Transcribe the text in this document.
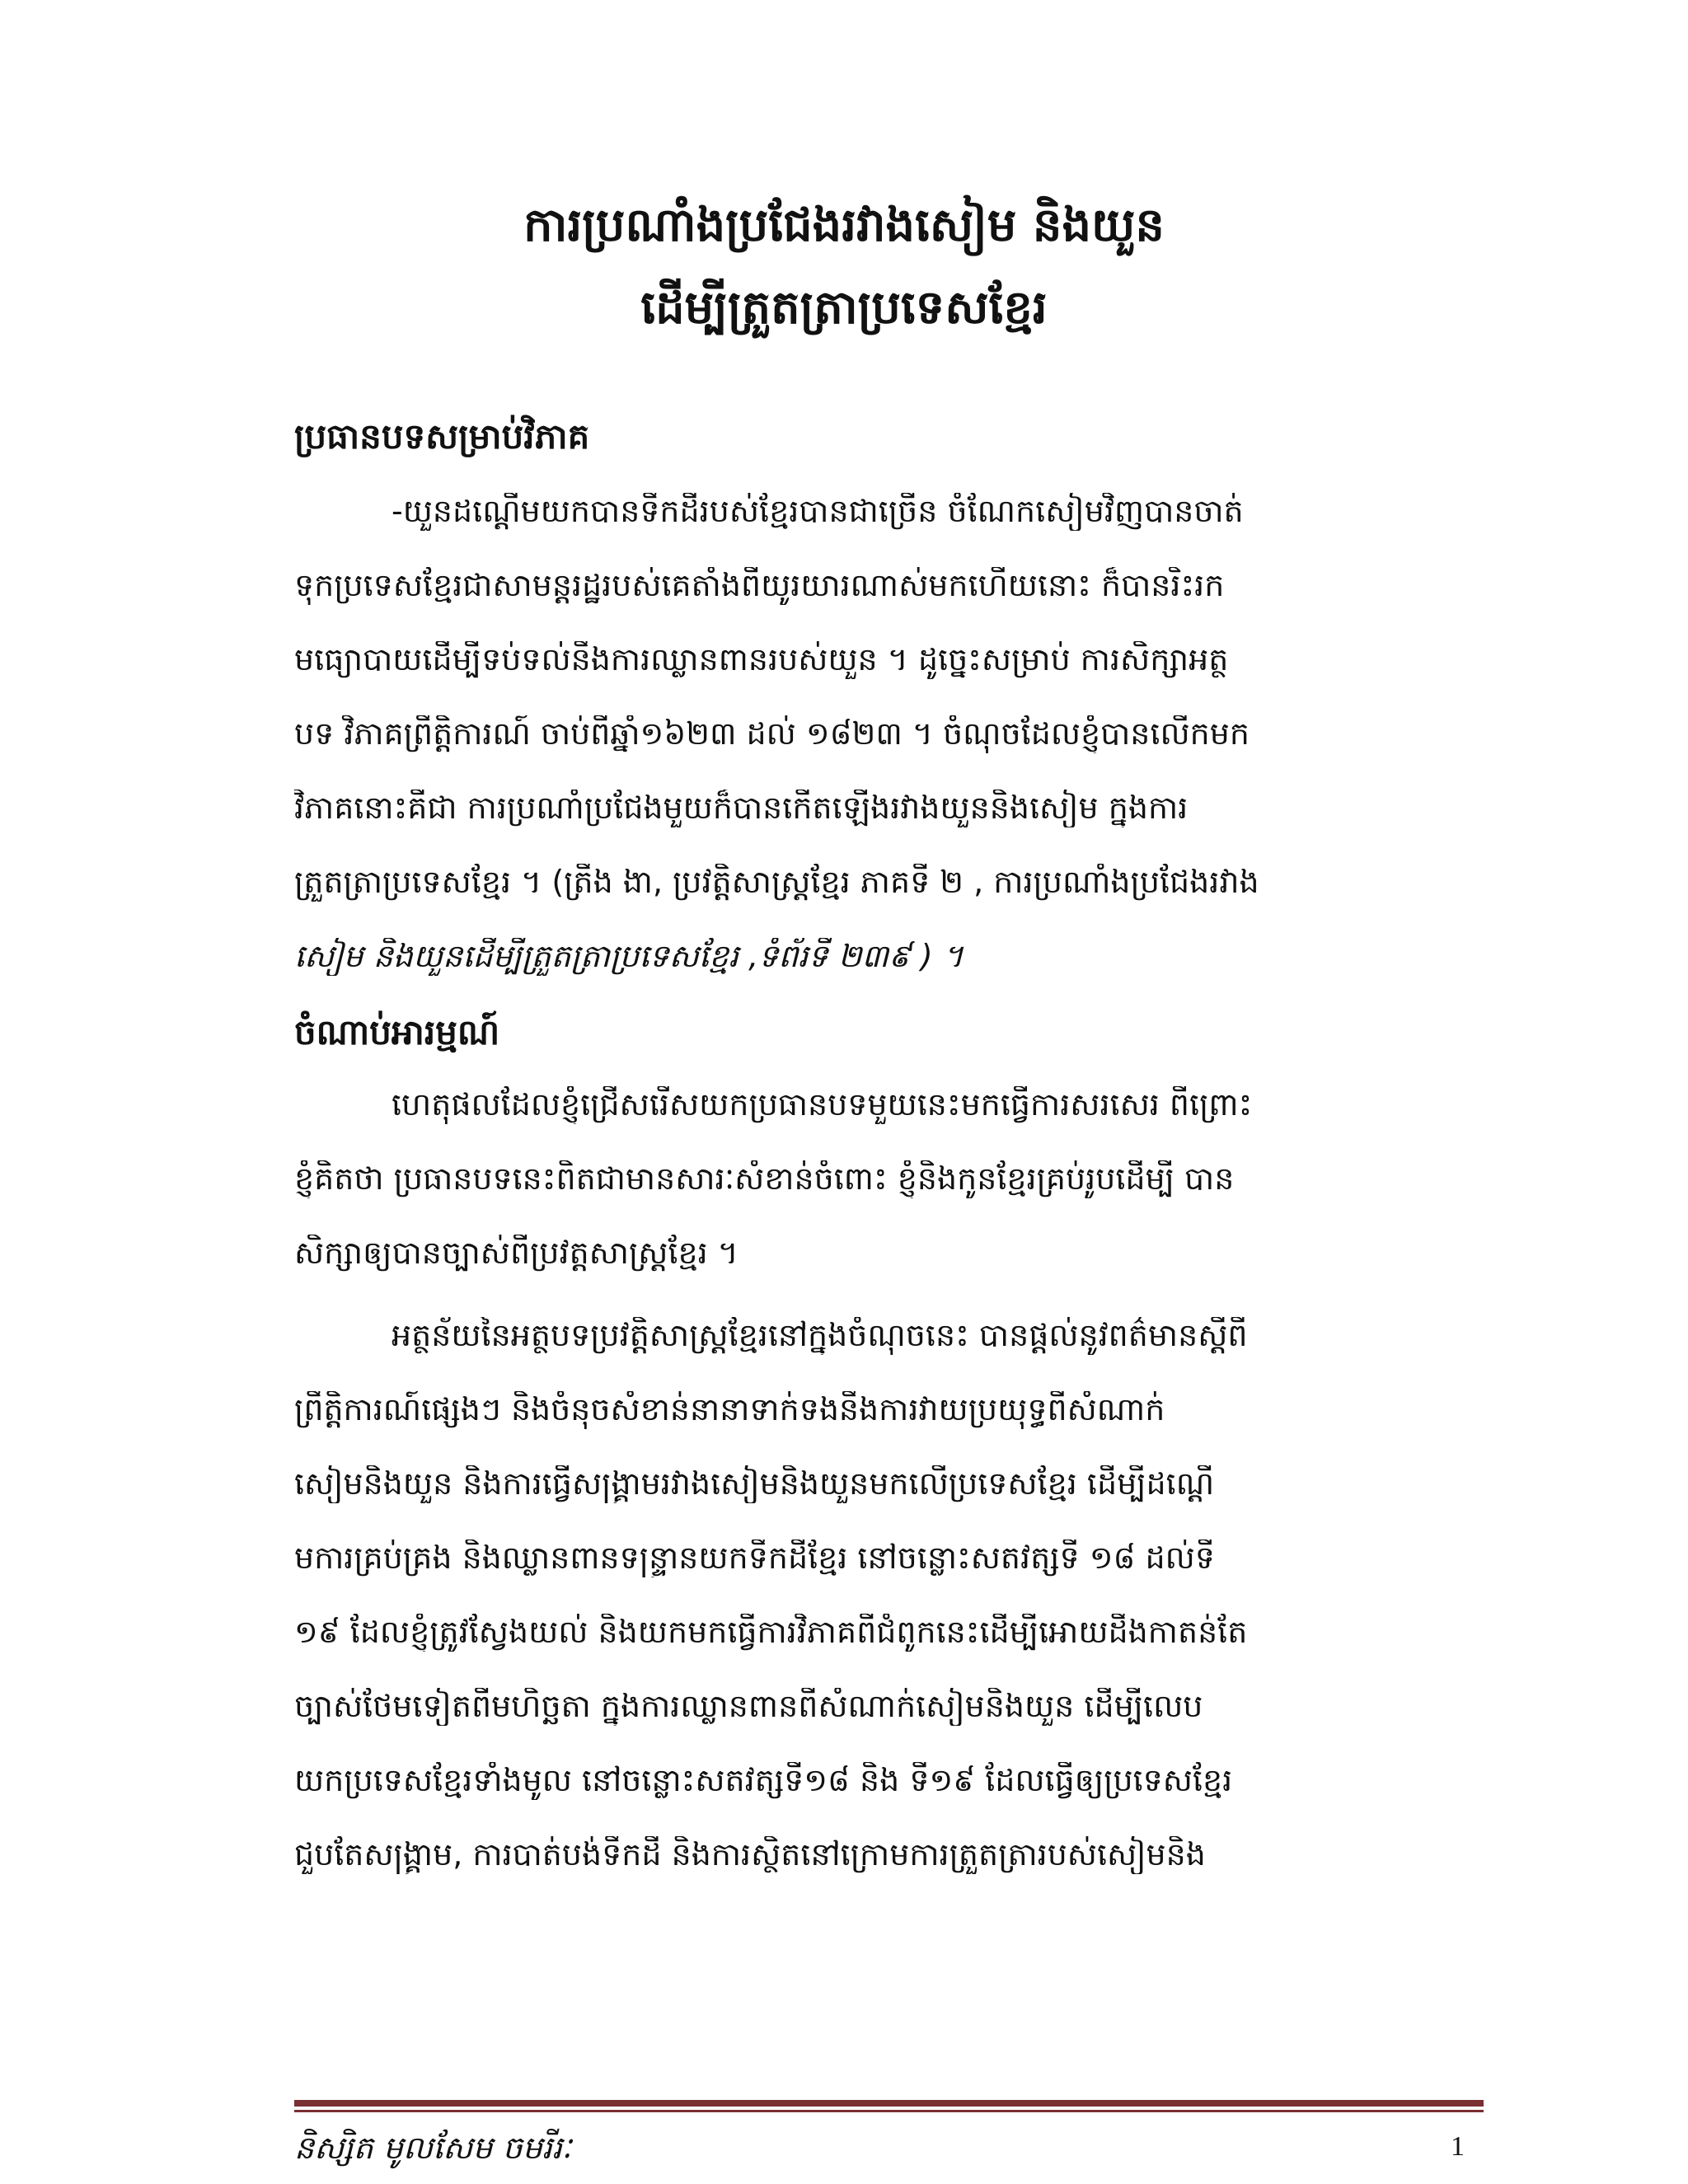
ការប្រណាំងប្រជែងរវាងសៀម និងយួន
ដើម្បីត្រួតត្រាប្រទេសខ្មែរ
ប្រធានបទសម្រាប់វិភាគ
-យួនដណ្តើមយកបានទឹកដីរបស់ខ្មែរបានជាច្រើន ចំណែកសៀមវិញបានចាត់
ទុកប្រទេសខ្មែរជាសាមន្តរដ្ឋរបស់គេតាំងពីយូរយារណាស់មកហើយនោះ ក៏បានរិះរក
មធ្យោបាយដើម្បីទប់ទល់នឹងការឈ្លានពានរបស់យួន ។ ដូច្នេះសម្រាប់ ការសិក្សាអត្ថ
បទ វិភាគព្រឹត្តិការណ៍ ចាប់ពីឆ្នាំ១៦២៣ ដល់ ១៨២៣ ។ ចំណុចដែលខ្ញុំបានលើកមក
វិភាគនោះគឺជា ការប្រណាំប្រជែងមួយក៏បានកើតឡើងរវាងយួននិងសៀម ក្នុងការ
ត្រួតត្រាប្រទេសខ្មែរ ។ (ត្រឹង ងា, ប្រវត្តិសាស្ត្រខ្មែរ ភាគទី ២ , ការប្រណាំងប្រជែងរវាង
សៀម និងយួនដើម្បីត្រួតត្រាប្រទេសខ្មែរ ,ទំព័រទី ២៣៩ ) ។
ចំណាប់អារម្មណ៍
ហេតុផលដែលខ្ញុំជ្រើសរើសយកប្រធានបទមួយនេះមកធ្វើការសរសេរ ពីព្រោះ
ខ្ញុំគិតថា ប្រធានបទនេះពិតជាមានសារៈសំខាន់ចំពោះ ខ្ញុំនិងកូនខ្មែរគ្រប់រូបដើម្បី បាន
សិក្សាឲ្យបានច្បាស់ពីប្រវត្តសាស្ត្រខ្មែរ ។
អត្ថន័យនៃអត្ថបទប្រវត្តិសាស្ត្រខ្មែរនៅក្នុងចំណុចនេះ បានផ្តល់នូវពត៌មានស្តីពី
ព្រឹត្តិការណ៍ផ្សេងៗ និងចំនុចសំខាន់នានាទាក់ទងនឹងការវាយប្រយុទ្ធពីសំណាក់
សៀមនិងយួន និងការធ្វើសង្គ្រាមរវាងសៀមនិងយួនមកលើប្រទេសខ្មែរ ដើម្បីដណ្តើ
មការគ្រប់គ្រង និងឈ្លានពានទន្ទ្រានយកទឹកដីខ្មែរ នៅចន្លោះសតវត្សទី ១៨ ដល់ទី
១៩ ដែលខ្ញុំត្រូវស្វែងយល់ និងយកមកធ្វើការវិភាគពីជំពូកនេះដើម្បីអោយដឹងកាតន់តែ
ច្បាស់ថែមទៀតពីមហិច្ឆតា ក្នុងការឈ្លានពានពីសំណាក់សៀមនិងយួន ដើម្បីលេប
យកប្រទេសខ្មែរទាំងមូល នៅចន្លោះសតវត្សទី១៨ និង ទី១៩ ដែលធ្វើឲ្យប្រទេសខ្មែរ
ជួបតែសង្គ្រាម, ការបាត់បង់ទឹកដី និងការស្ថិតនៅក្រោមការត្រួតត្រារបស់សៀមនិង
និស្សិត មូលសែម ចមរីរៈ	1
